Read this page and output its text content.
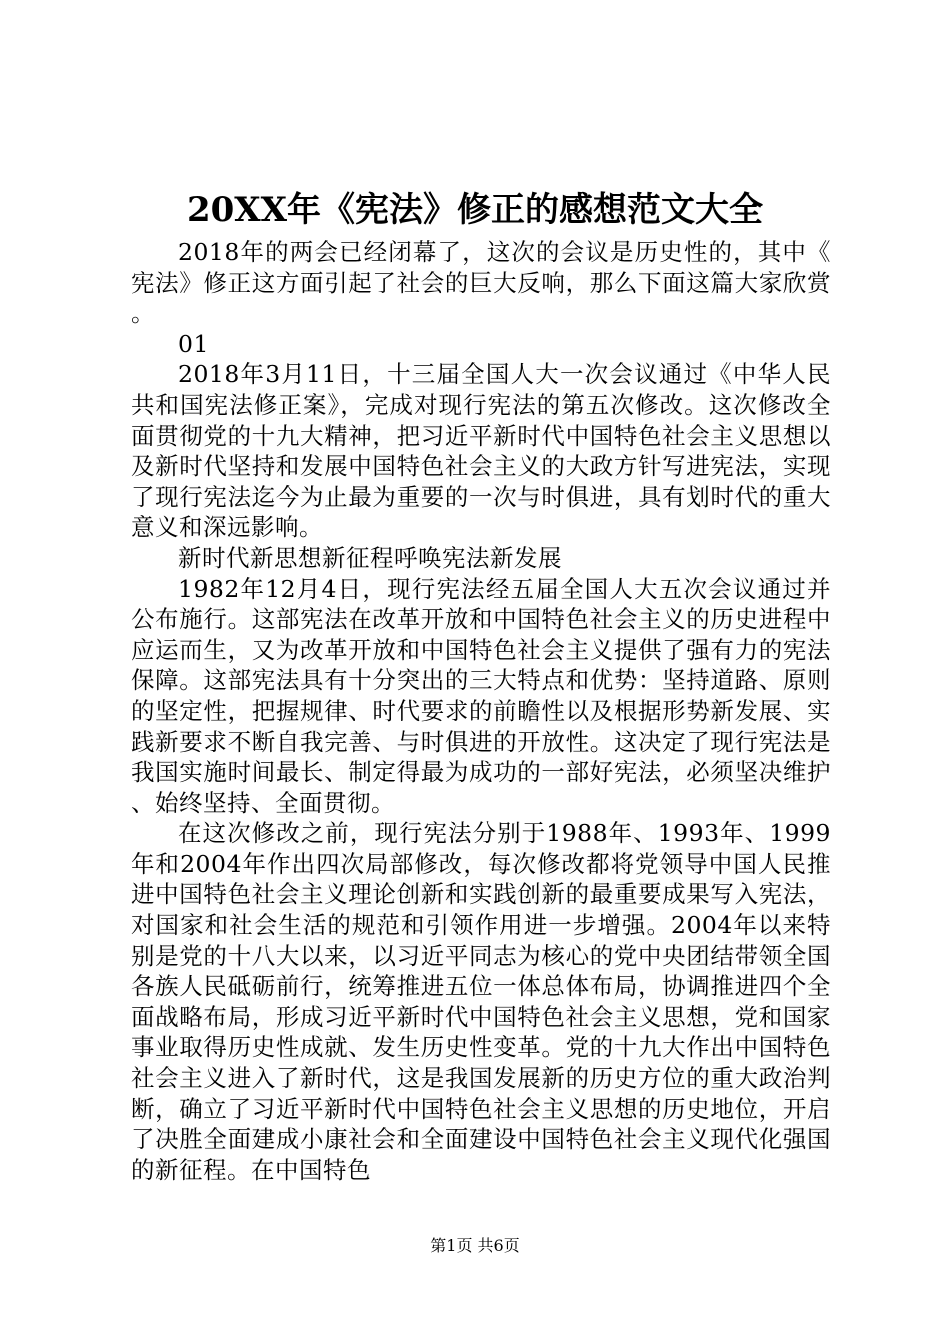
20XX年《宪法》修正的感想范文大全

2018年的两会已经闭幕了，这次的会议是历史性的，其中《宪法》修正这方面引起了社会的巨大反响，那么下面这篇大家欣赏。

01

2018年3月11日，十三届全国人大一次会议通过《中华人民共和国宪法修正案》，完成对现行宪法的第五次修改。这次修改全面贯彻党的十九大精神，把习近平新时代中国特色社会主义思想以及新时代坚持和发展中国特色社会主义的大政方针写进宪法，实现了现行宪法迄今为止最为重要的一次与时俱进，具有划时代的重大意义和深远影响。

新时代新思想新征程呼唤宪法新发展

1982年12月4日，现行宪法经五届全国人大五次会议通过并公布施行。这部宪法在改革开放和中国特色社会主义的历史进程中应运而生，又为改革开放和中国特色社会主义提供了强有力的宪法保障。这部宪法具有十分突出的三大特点和优势：坚持道路、原则的坚定性，把握规律、时代要求的前瞻性以及根据形势新发展、实践新要求不断自我完善、与时俱进的开放性。这决定了现行宪法是我国实施时间最长、制定得最为成功的一部好宪法，必须坚决维护、始终坚持、全面贯彻。

在这次修改之前，现行宪法分别于1988年、1993年、1999年和2004年作出四次局部修改，每次修改都将党领导中国人民推进中国特色社会主义理论创新和实践创新的最重要成果写入宪法，对国家和社会生活的规范和引领作用进一步增强。2004年以来特别是党的十八大以来，以习近平同志为核心的党中央团结带领全国各族人民砥砺前行，统筹推进五位一体总体布局，协调推进四个全面战略布局，形成习近平新时代中国特色社会主义思想，党和国家事业取得历史性成就、发生历史性变革。党的十九大作出中国特色社会主义进入了新时代，这是我国发展新的历史方位的重大政治判断，确立了习近平新时代中国特色社会主义思想的历史地位，开启了决胜全面建成小康社会和全面建设中国特色社会主义现代化强国的新征程。在中国特色

第1页 共6页
